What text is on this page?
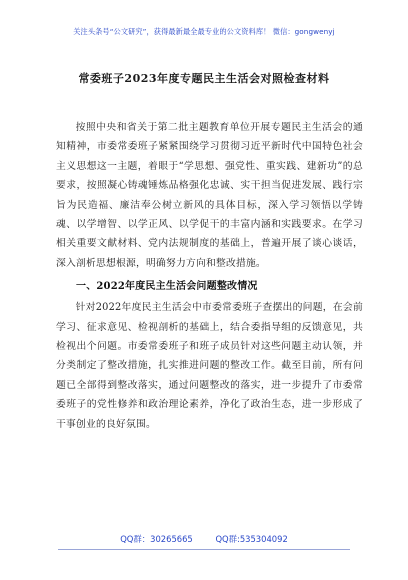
关注头条号“公文研究”，获得最新最全最专业的公文资料库！ 微信：gongwenyj
常委班子2023年度专题民主生活会对照检查材料

按照中央和省关于第二批主题教育单位开展专题民主生活会的通知精神，市委常委班子紧紧围绕学习贯彻习近平新时代中国特色社会主义思想这一主题，着眼于“学思想、强党性、重实践、建新功”的总要求，按照凝心铸魂锤炼品格强化忠诚、实干担当促进发展、践行宗旨为民造福、廉洁奉公树立新风的具体目标，深入学习领悟以学铸魂、以学增智、以学正风、以学促干的丰富内涵和实践要求。在学习相关重要文献材料、党内法规制度的基础上，普遍开展了谈心谈话，深入剖析思想根源，明确努力方向和整改措施。

一、2022年度民主生活会问题整改情况

针对2022年度民主生活会中市委常委班子查摆出的问题，在会前学习、征求意见、检视剖析的基础上，结合委指导组的反馈意见，共检视出个问题。市委常委班子和班子成员针对这些问题主动认领，并分类制定了整改措施，扎实推进问题的整改工作。截至目前，所有问题已全部得到整改落实，通过问题整改的落实，进一步提升了市委常委班子的党性修养和政治理论素养，净化了政治生态，进一步形成了干事创业的良好氛围。

QQ群：30265665	QQ群:535304092
